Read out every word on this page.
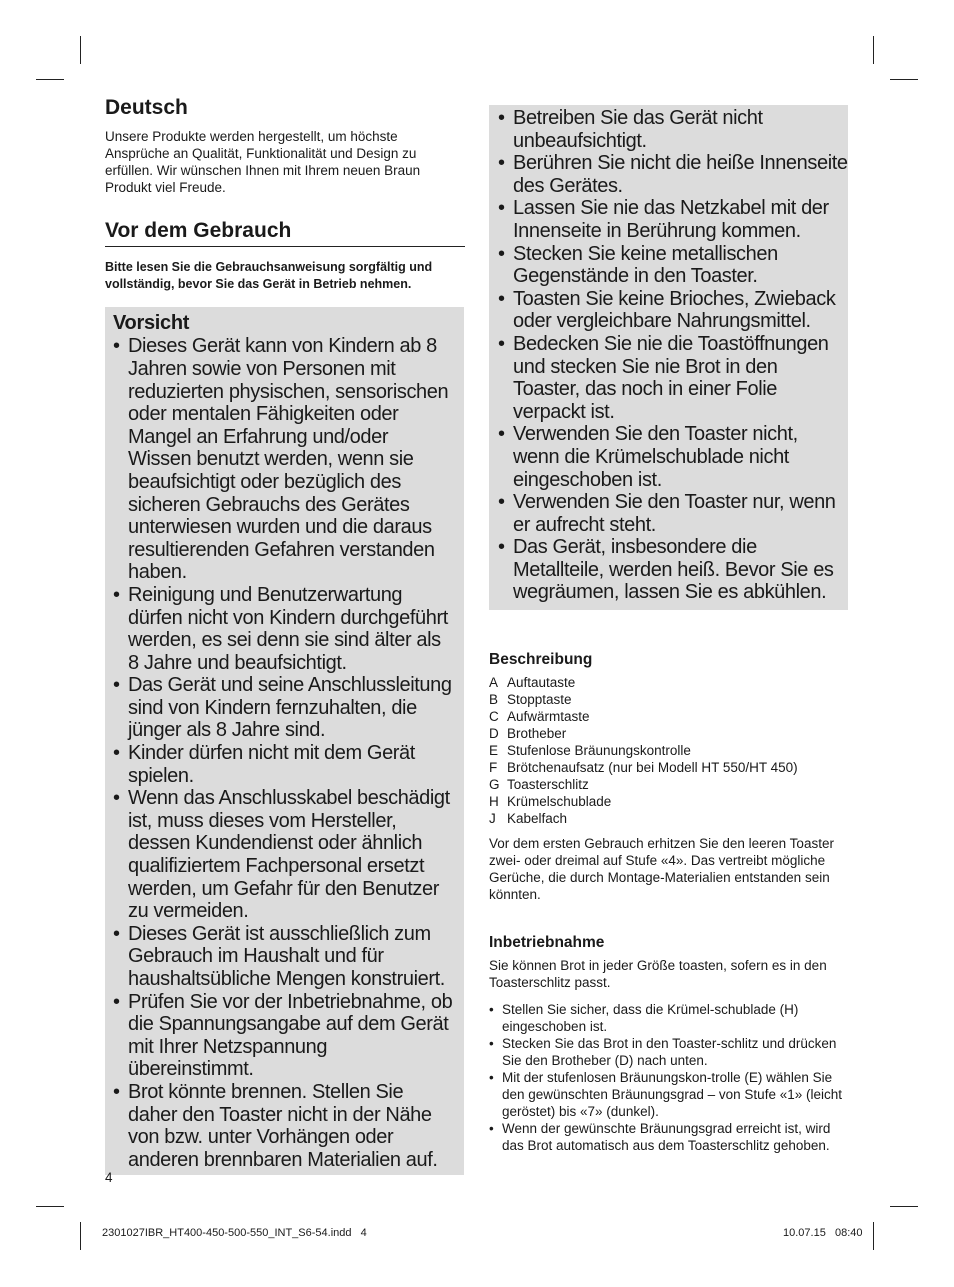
Deutsch

Unsere Produkte werden hergestellt, um höchste Ansprüche an Qualität, Funktionalität und Design zu erfüllen. Wir wünschen Ihnen mit Ihrem neuen Braun Produkt viel Freude.

Vor dem Gebrauch

Bitte lesen Sie die Gebrauchsanweisung sorgfältig und vollständig, bevor Sie das Gerät in Betrieb nehmen.

Vorsicht
• Dieses Gerät kann von Kindern ab 8 Jahren sowie von Personen mit reduzierten physischen, sensorischen oder mentalen Fähigkeiten oder Mangel an Erfahrung und/oder Wissen benutzt werden, wenn sie beaufsichtigt oder bezüglich des sicheren Gebrauchs des Gerätes unterwiesen wurden und die daraus resultierenden Gefahren verstanden haben.
• Reinigung und Benutzerwartung dürfen nicht von Kindern durchgeführt werden, es sei denn sie sind älter als 8 Jahre und beaufsichtigt.
• Das Gerät und seine Anschlussleitung sind von Kindern fernzuhalten, die jünger als 8 Jahre sind.
• Kinder dürfen nicht mit dem Gerät spielen.
• Wenn das Anschlusskabel beschädigt ist, muss dieses vom Hersteller, dessen Kundendienst oder ähnlich qualifiziertem Fachpersonal ersetzt werden, um Gefahr für den Benutzer zu vermeiden.
• Dieses Gerät ist ausschließlich zum Gebrauch im Haushalt und für haushaltsübliche Mengen konstruiert.
• Prüfen Sie vor der Inbetriebnahme, ob die Spannungsangabe auf dem Gerät mit Ihrer Netzspannung übereinstimmt.
• Brot könnte brennen. Stellen Sie daher den Toaster nicht in der Nähe von bzw. unter Vorhängen oder anderen brennbaren Materialien auf.
• Betreiben Sie das Gerät nicht unbeaufsichtigt.
• Berühren Sie nicht die heiße Innenseite des Gerätes.
• Lassen Sie nie das Netzkabel mit der Innenseite in Berührung kommen.
• Stecken Sie keine metallischen Gegenstände in den Toaster.
• Toasten Sie keine Brioches, Zwieback oder vergleichbare Nahrungsmittel.
• Bedecken Sie nie die Toastöffnungen und stecken Sie nie Brot in den Toaster, das noch in einer Folie verpackt ist.
• Verwenden Sie den Toaster nicht, wenn die Krümelschublade nicht eingeschoben ist.
• Verwenden Sie den Toaster nur, wenn er aufrecht steht.
• Das Gerät, insbesondere die Metallteile, werden heiß. Bevor Sie es wegräumen, lassen Sie es abkühlen.
Beschreibung
A Auftautaste
B Stopptaste
C Aufwärmtaste
D Brotheber
E Stufenlose Bräunungskontrolle
F Brötchenaufsatz (nur bei Modell HT 550/HT 450)
G Toasterschlitz
H Krümelschublade
J Kabelfach

Vor dem ersten Gebrauch erhitzen Sie den leeren Toaster zwei- oder dreimal auf Stufe «4». Das vertreibt mögliche Gerüche, die durch Montage-Materialien entstanden sein könnten.

Inbetriebnahme

Sie können Brot in jeder Größe toasten, sofern es in den Toasterschlitz passt.

• Stellen Sie sicher, dass die Krümel-schublade (H) eingeschoben ist.
• Stecken Sie das Brot in den Toaster-schlitz und drücken Sie den Brotheber (D) nach unten.
• Mit der stufenlosen Bräunungskon-trolle (E) wählen Sie den gewünschten Bräunungsgrad – von Stufe «1» (leicht geröstet) bis «7» (dunkel).
• Wenn der gewünschte Bräunungsgrad erreicht ist, wird das Brot automatisch aus dem Toasterschlitz gehoben.
4
2301027IBR_HT400-450-500-550_INT_S6-54.indd   4	10.07.15   08:40
